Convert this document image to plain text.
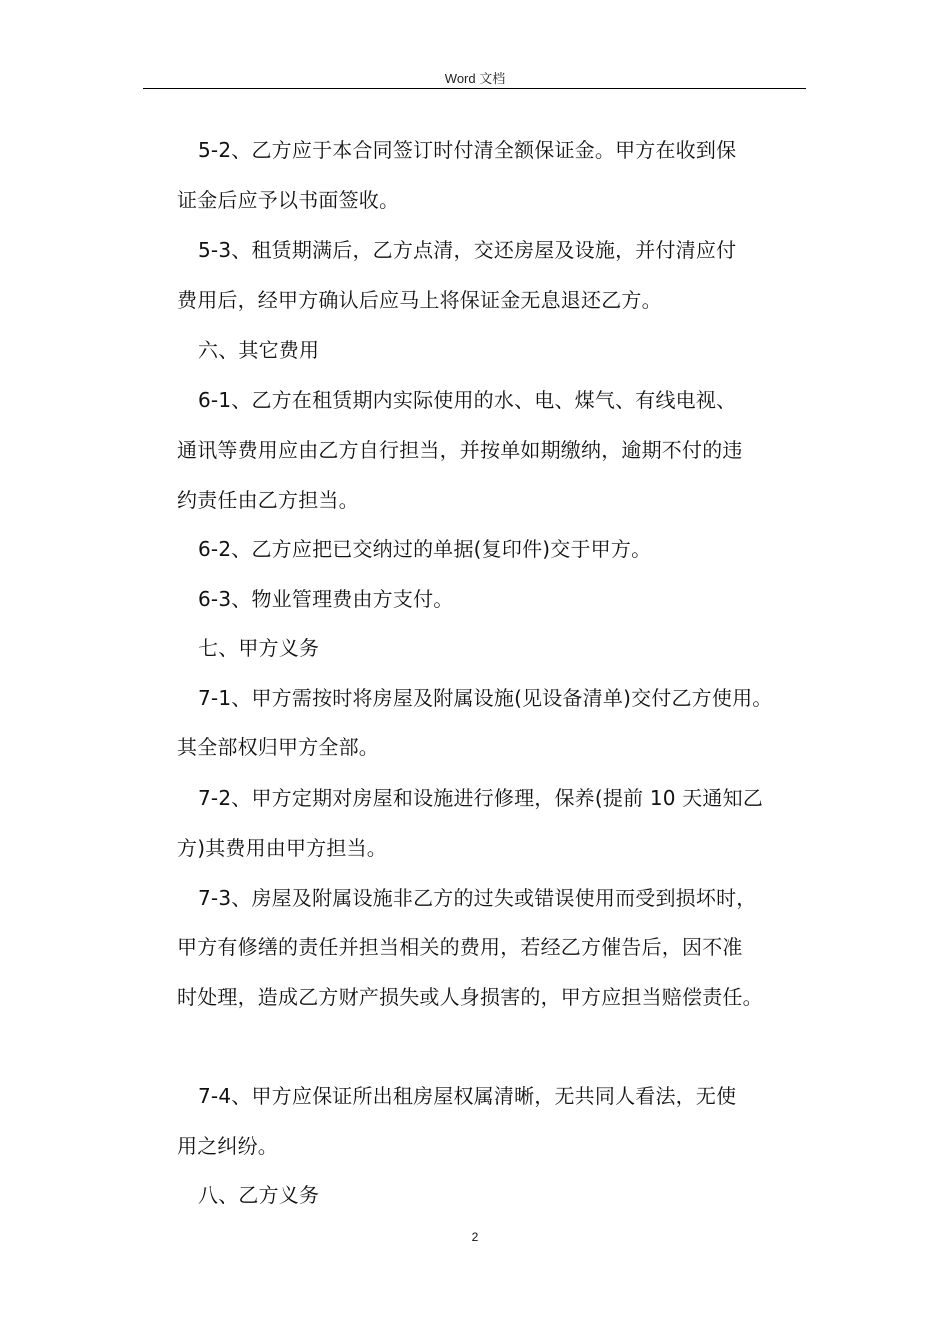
Word 文档
5-2、乙方应于本合同签订时付清全额保证金。甲方在收到保
证金后应予以书面签收。
5-3、租赁期满后，乙方点清，交还房屋及设施，并付清应付
费用后，经甲方确认后应马上将保证金无息退还乙方。
六、其它费用
6-1、乙方在租赁期内实际使用的水、电、煤气、有线电视、
通讯等费用应由乙方自行担当，并按单如期缴纳，逾期不付的违
约责任由乙方担当。
6-2、乙方应把已交纳过的单据(复印件)交于甲方。
6-3、物业管理费由方支付。
七、甲方义务
7-1、甲方需按时将房屋及附属设施(见设备清单)交付乙方使用。
其全部权归甲方全部。
7-2、甲方定期对房屋和设施进行修理，保养(提前 10 天通知乙
方)其费用由甲方担当。
7-3、房屋及附属设施非乙方的过失或错误使用而受到损坏时，
甲方有修缮的责任并担当相关的费用，若经乙方催告后，因不准
时处理，造成乙方财产损失或人身损害的，甲方应担当赔偿责任。
7-4、甲方应保证所出租房屋权属清晰，无共同人看法，无使
用之纠纷。
八、乙方义务
2
